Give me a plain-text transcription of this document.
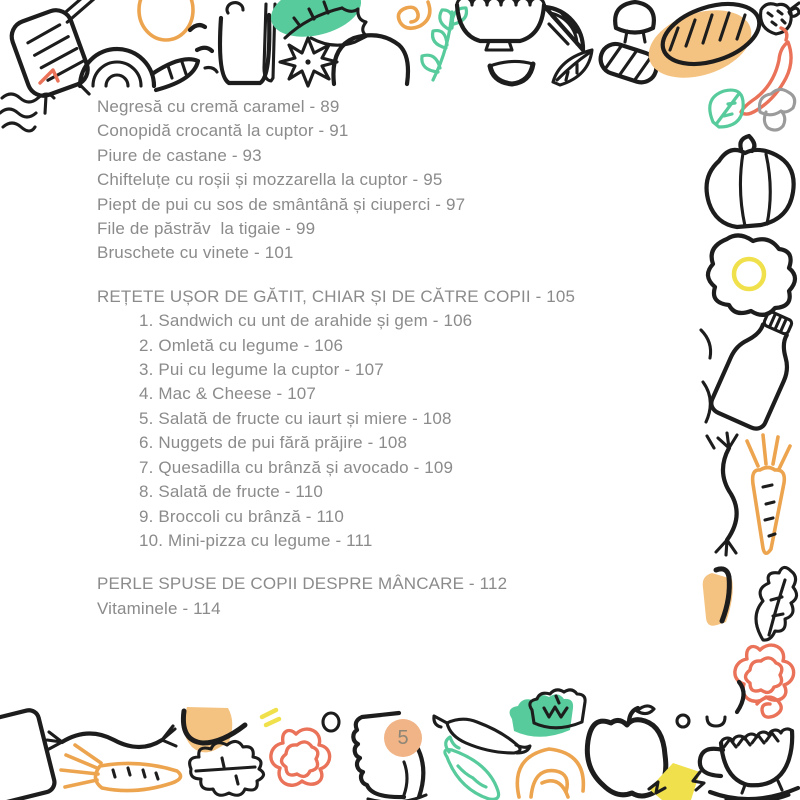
Negresă cu cremă caramel - 89
Conopidă crocantă la cuptor - 91
Piure de castane - 93
Chifteluțe cu roșii și mozzarella la cuptor - 95
Piept de pui cu sos de smântână și ciuperci - 97
File de păstrăv  la tigaie - 99
Bruschete cu vinete - 101
REȚETE UȘOR DE GĂTIT, CHIAR ȘI DE CĂTRE COPII - 105
1. Sandwich cu unt de arahide și gem - 106
2. Omletă cu legume - 106
3. Pui cu legume la cuptor - 107
4. Mac & Cheese - 107
5. Salată de fructe cu iaurt și miere - 108
6. Nuggets de pui fără prăjire - 108
7. Quesadilla cu brânză și avocado - 109
8. Salată de fructe - 110
9. Broccoli cu brânză - 110
10. Mini-pizza cu legume - 111
PERLE SPUSE DE COPII DESPRE MÂNCARE - 112
Vitaminele - 114
5
